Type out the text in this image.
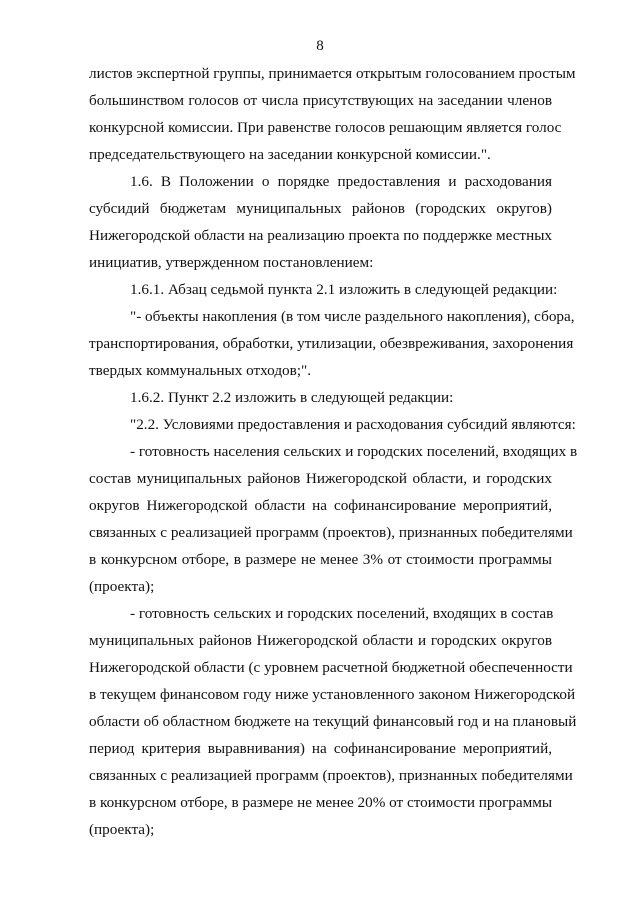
8
листов экспертной группы, принимается открытым голосованием простым
большинством голосов от числа присутствующих на заседании членов
конкурсной комиссии. При равенстве голосов решающим является голос
председательствующего на заседании конкурсной комиссии.".
1.6. В Положении о порядке предоставления и расходования
субсидий бюджетам муниципальных районов (городских округов)
Нижегородской области на реализацию проекта по поддержке местных
инициатив, утвержденном постановлением:
1.6.1. Абзац седьмой пункта 2.1 изложить в следующей редакции:
"- объекты накопления (в том числе раздельного накопления), сбора,
транспортирования, обработки, утилизации, обезвреживания, захоронения
твердых коммунальных отходов;".
1.6.2. Пункт 2.2 изложить в следующей редакции:
"2.2. Условиями предоставления и расходования субсидий являются:
- готовность населения сельских и городских поселений, входящих в
состав муниципальных районов Нижегородской области, и городских
округов Нижегородской области на софинансирование мероприятий,
связанных с реализацией программ (проектов), признанных победителями
в конкурсном отборе, в размере не менее 3% от стоимости программы
(проекта);
- готовность сельских и городских поселений, входящих в состав
муниципальных районов Нижегородской области и городских округов
Нижегородской области (с уровнем расчетной бюджетной обеспеченности
в текущем финансовом году ниже установленного законом Нижегородской
области об областном бюджете на текущий финансовый год и на плановый
период критерия выравнивания) на софинансирование мероприятий,
связанных с реализацией программ (проектов), признанных победителями
в конкурсном отборе, в размере не менее 20% от стоимости программы
(проекта);
